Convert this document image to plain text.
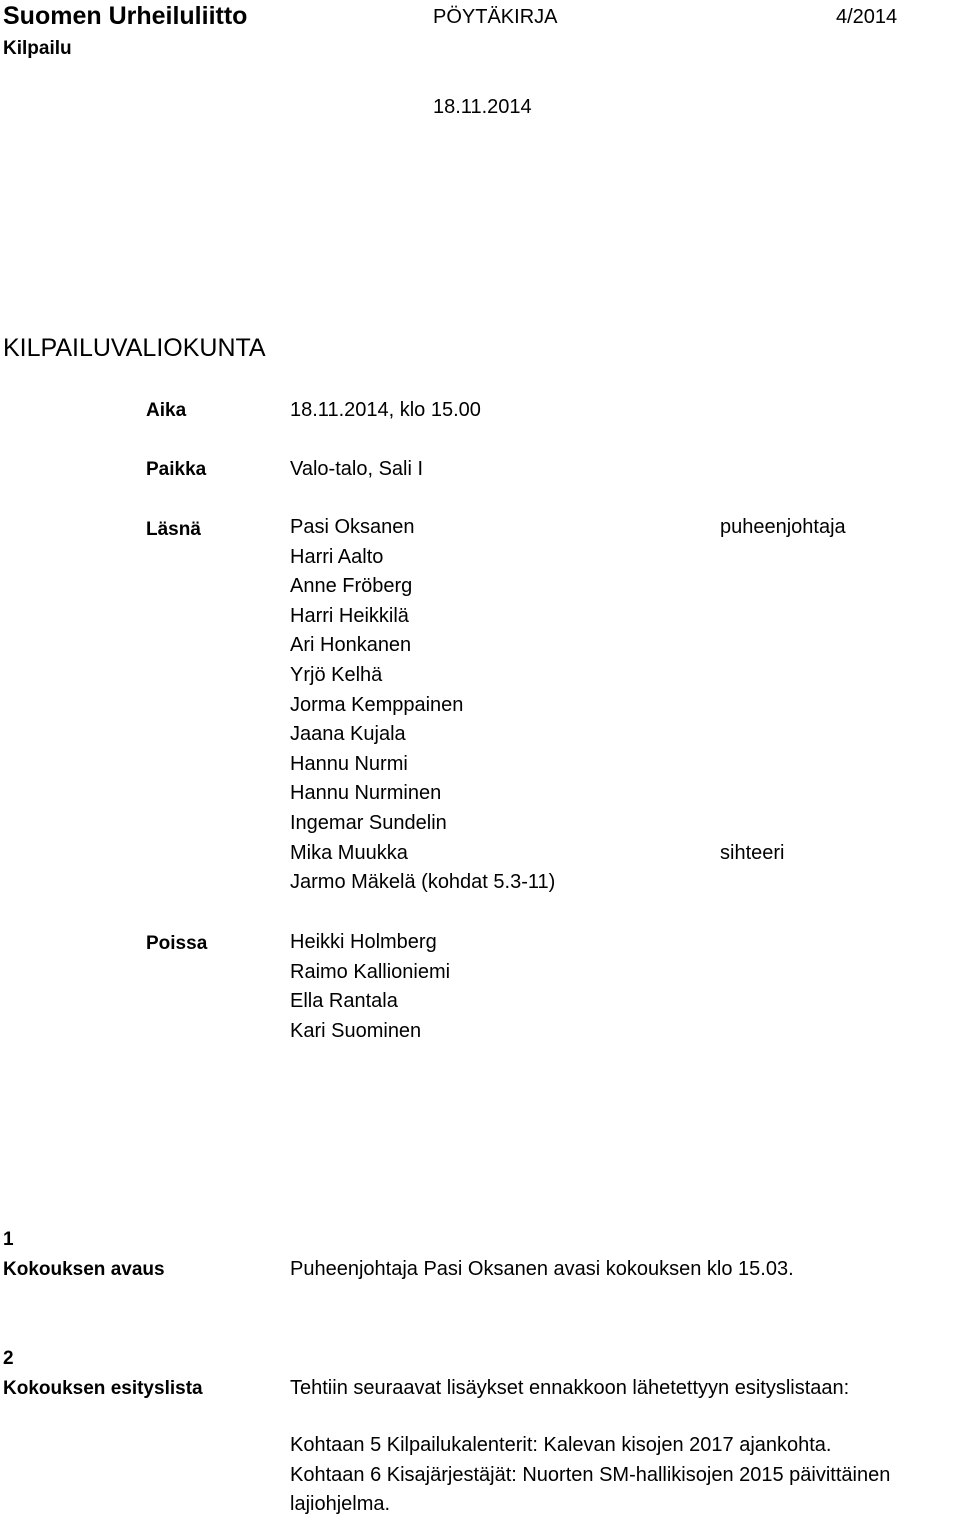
Suomen Urheiluliitto
Kilpailu
PÖYTÄKIRJA	4/2014
18.11.2014
KILPAILUVALIOKUNTA
Aika	18.11.2014, klo 15.00
Paikka	Valo-talo, Sali I
Läsnä	Pasi Oksanen	puheenjohtaja
Harri Aalto
Anne Fröberg
Harri Heikkilä
Ari Honkanen
Yrjö Kelhä
Jorma Kemppainen
Jaana Kujala
Hannu Nurmi
Hannu Nurminen
Ingemar Sundelin
Mika Muukka	sihteeri
Jarmo Mäkelä (kohdat 5.3-11)
Poissa	Heikki Holmberg
Raimo Kallioniemi
Ella Rantala
Kari Suominen
1
Kokouksen avaus	Puheenjohtaja Pasi Oksanen avasi kokouksen klo 15.03.
2
Kokouksen esityslista	Tehtiin seuraavat lisäykset ennakkoon lähetettyyn esityslistaan:
Kohtaan 5 Kilpailukalenterit: Kalevan kisojen 2017 ajankohta.
Kohtaan 6 Kisajärjestäjät: Nuorten SM-hallikisojen 2015 päivittäinen
lajiohjelma.
